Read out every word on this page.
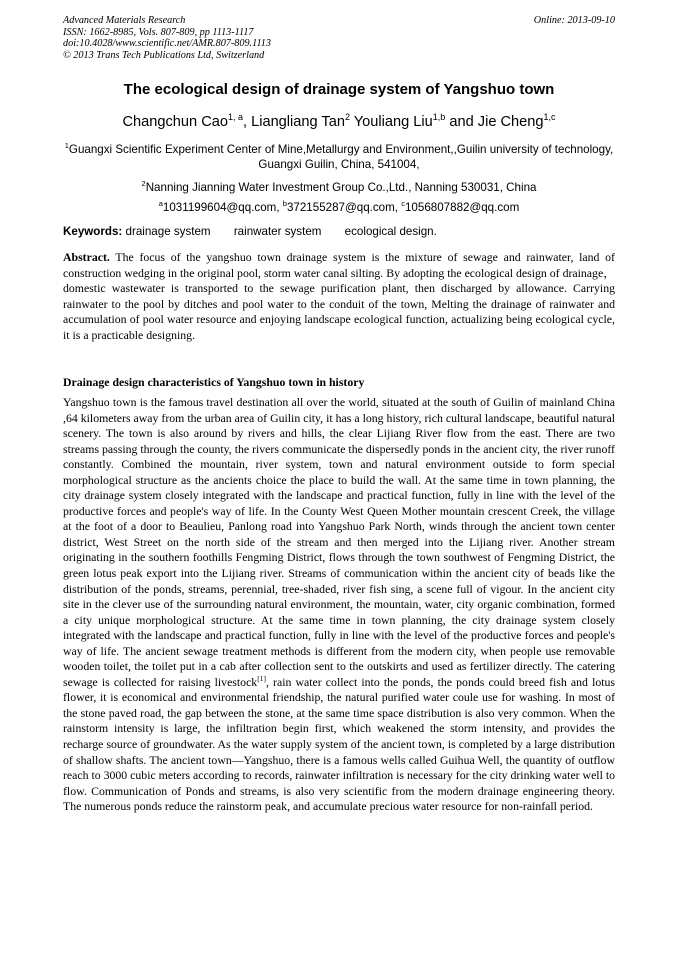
Advanced Materials Research
ISSN: 1662-8985, Vols. 807-809, pp 1113-1117
doi:10.4028/www.scientific.net/AMR.807-809.1113
© 2013 Trans Tech Publications Ltd, Switzerland
Online: 2013-09-10
The ecological design of drainage system of Yangshuo town
Changchun Cao$^{1, a}$, Liangliang Tan$^2$ Youliang Liu$^{1,b}$ and Jie Cheng$^{1,c}$
$^1$Guangxi Scientific Experiment Center of Mine,Metallurgy and Environment,,Guilin university of technology, Guangxi Guilin, China, 541004,
$^2$Nanning Jianning Water Investment Group Co.,Ltd., Nanning 530031, China
$^a$1031199604@qq.com, $^b$372155287@qq.com, $^c$1056807882@qq.com
Keywords: drainage system rainwater system ecological design.
Abstract. The focus of the yangshuo town drainage system is the mixture of sewage and rainwater, land of construction wedging in the original pool, storm water canal silting. By adopting the ecological design of drainage， domestic wastewater is transported to the sewage purification plant, then discharged by allowance. Carrying rainwater to the pool by ditches and pool water to the conduit of the town, Melting the drainage of rainwater and accumulation of pool water resource and enjoying landscape ecological function, actualizing being ecological cycle, it is a practicable designing.
Drainage design characteristics of Yangshuo town in history
Yangshuo town is the famous travel destination all over the world, situated at the south of Guilin of mainland China ,64 kilometers away from the urban area of Guilin city, it has a long history, rich cultural landscape, beautiful natural scenery. The town is also around by rivers and hills, the clear Lijiang River flow from the east. There are two streams passing through the county, the rivers communicate the dispersedly ponds in the ancient city, the river runoff constantly. Combined the mountain, river system, town and natural environment outside to form special morphological structure as the ancients choice the place to build the wall. At the same time in town planning, the city drainage system closely integrated with the landscape and practical function, fully in line with the level of the productive forces and people's way of life. In the County West Queen Mother mountain crescent Creek, the village at the foot of a door to Beaulieu, Panlong road into Yangshuo Park North, winds through the ancient town center district, West Street on the north side of the stream and then merged into the Lijiang river. Another stream originating in the southern foothills Fengming District, flows through the town southwest of Fengming District, the green lotus peak export into the Lijiang river. Streams of communication within the ancient city of beads like the distribution of the ponds, streams, perennial, tree-shaded, river fish sing, a scene full of vigour. In the ancient city site in the clever use of the surrounding natural environment, the mountain, water, city organic combination, formed a city unique morphological structure. At the same time in town planning, the city drainage system closely integrated with the landscape and practical function, fully in line with the level of the productive forces and people's way of life. The ancient sewage treatment methods is different from the modern city, when people use removable wooden toilet, the toilet put in a cab after collection sent to the outskirts and used as fertilizer directly. The catering sewage is collected for raising livestock[1], rain water collect into the ponds, the ponds could breed fish and lotus flower, it is economical and environmental friendship, the natural purified water coule use for washing. In most of the stone paved road, the gap between the stone, at the same time space distribution is also very common. When the rainstorm intensity is large, the infiltration begin first, which weakened the storm intensity, and provides the recharge source of groundwater. As the water supply system of the ancient town, is completed by a large distribution of shallow shafts. The ancient town—Yangshuo, there is a famous wells called Guihua Well, the quantity of outflow reach to 3000 cubic meters according to records, rainwater infiltration is necessary for the city drinking water well to flow. Communication of Ponds and streams, is also very scientific from the modern drainage engineering theory. The numerous ponds reduce the rainstorm peak, and accumulate precious water resource for non-rainfall period.
